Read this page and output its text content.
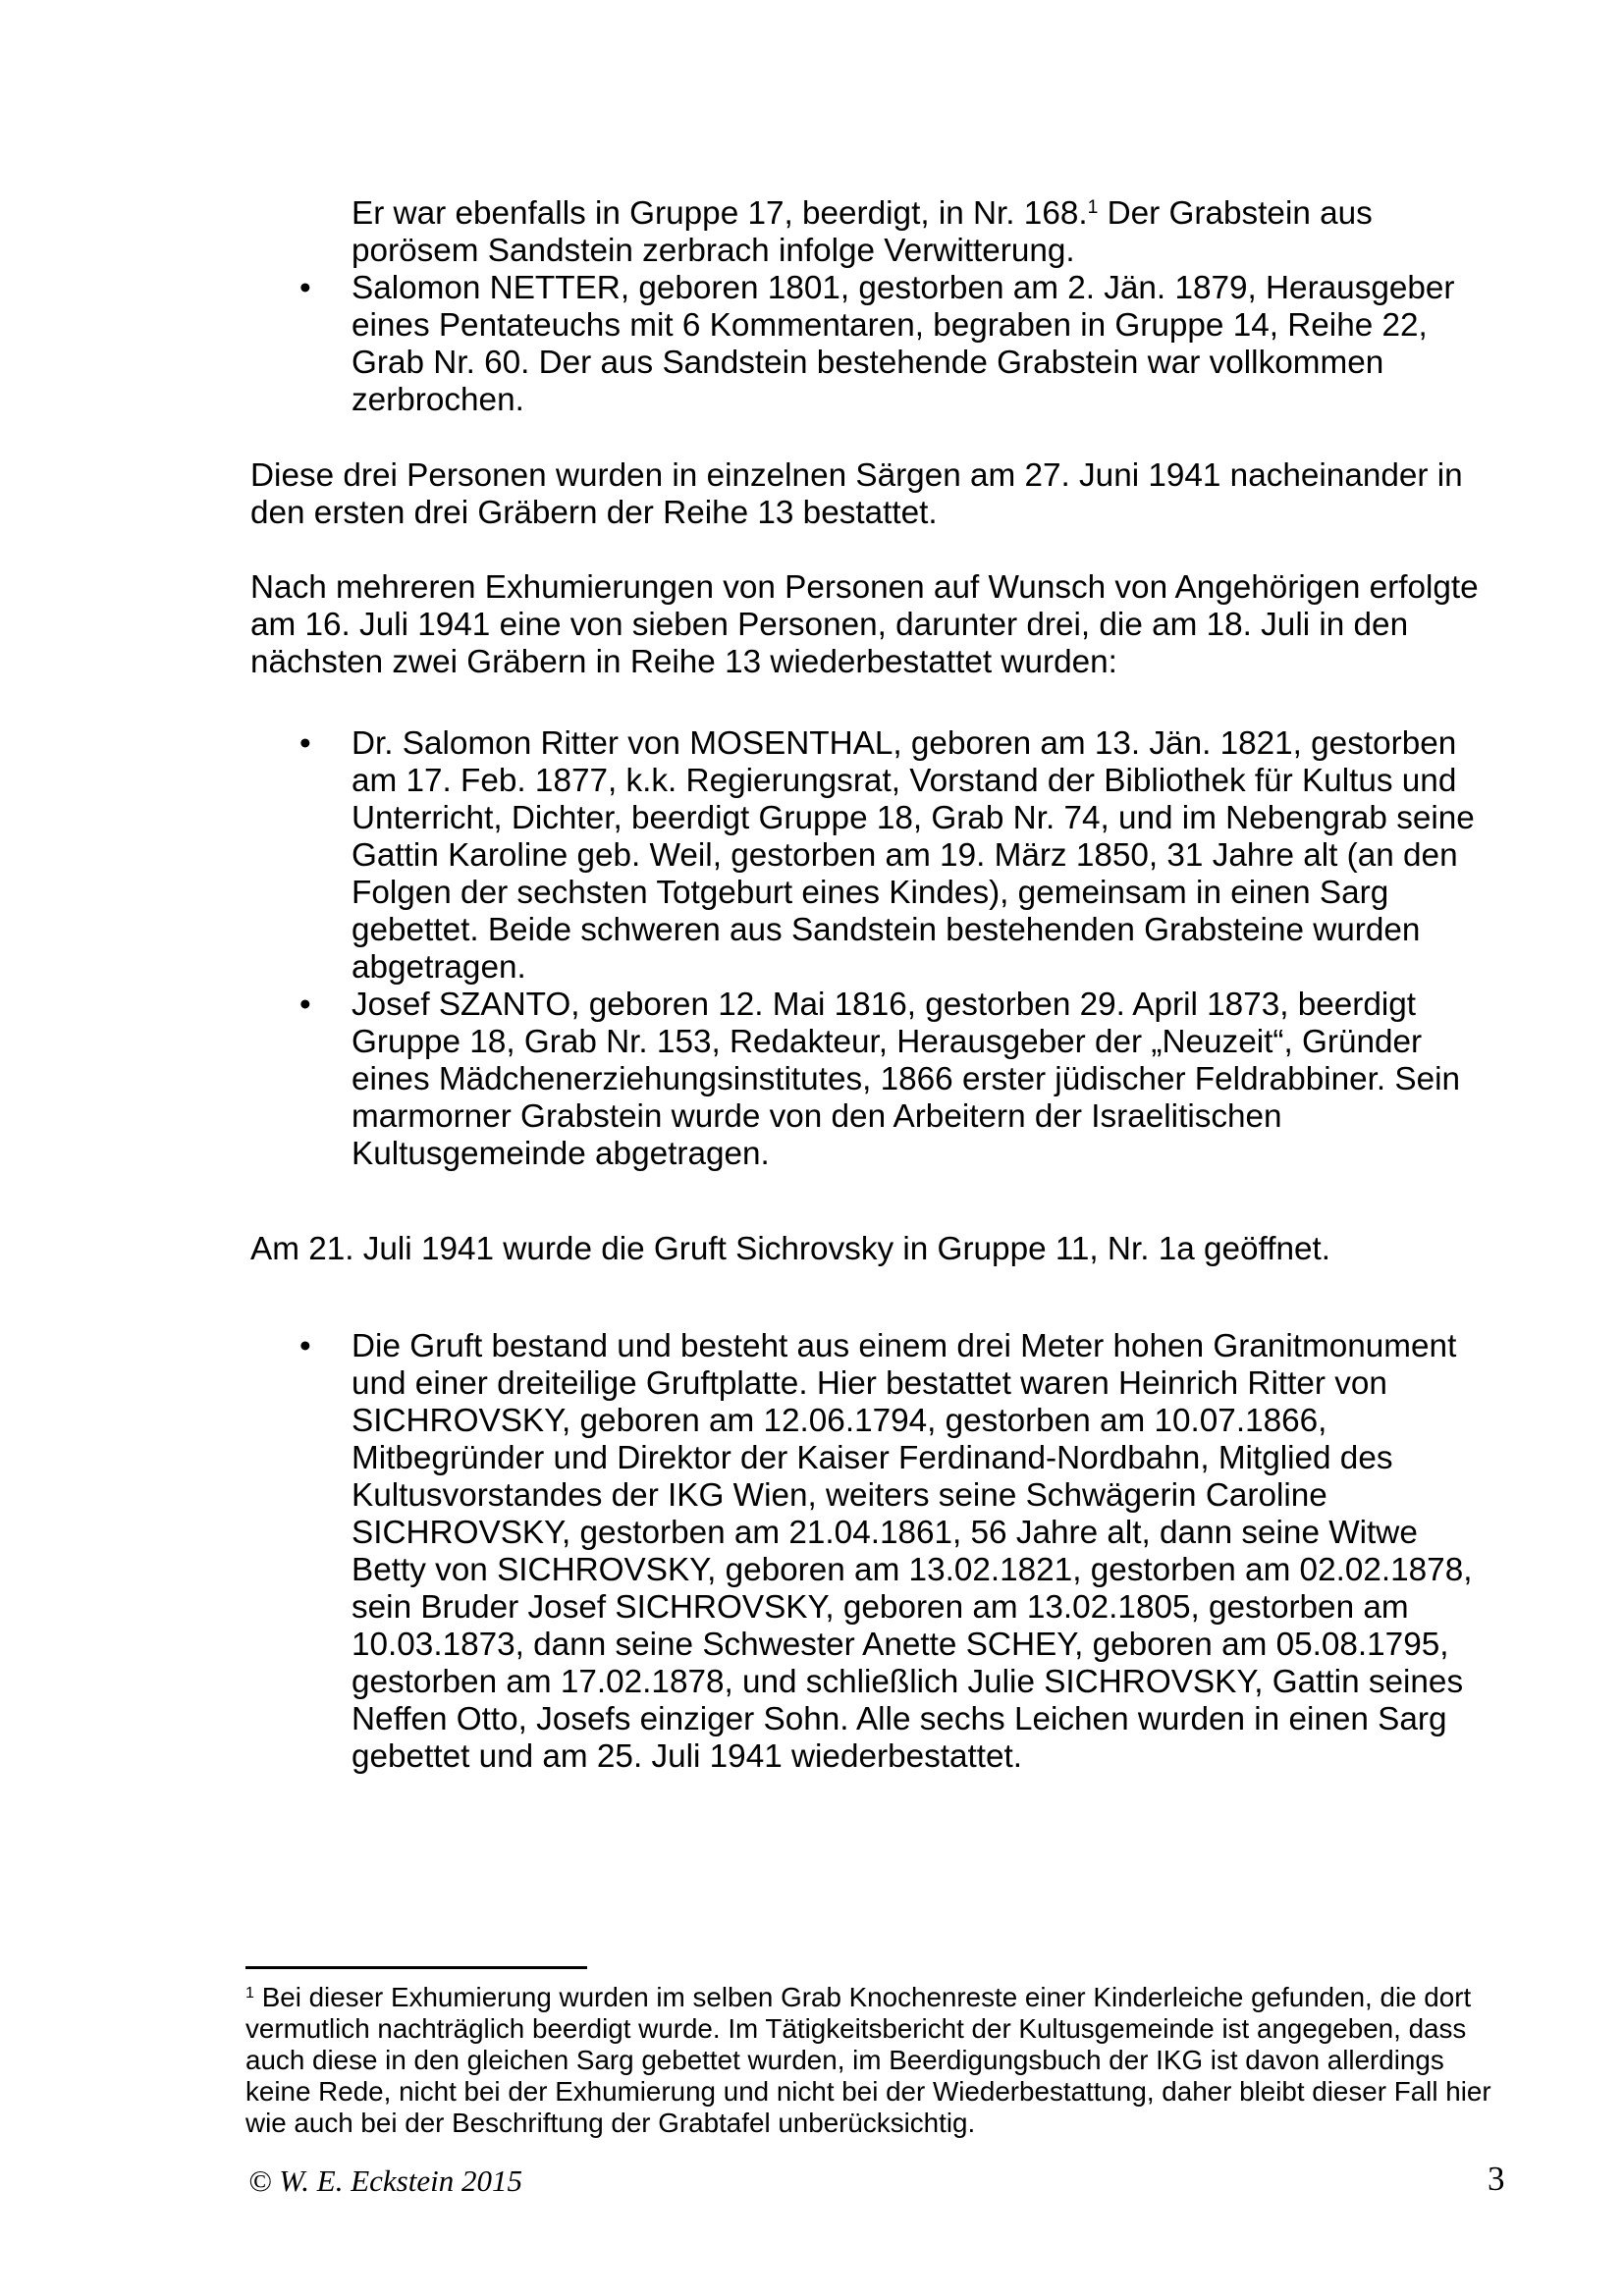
Er war ebenfalls in Gruppe 17, beerdigt, in Nr. 168.$^1$ Der Grabstein aus porösem Sandstein zerbrach infolge Verwitterung.

•	Salomon NETTER, geboren 1801, gestorben am 2. Jän. 1879, Herausgeber eines Pentateuchs mit 6 Kommentaren, begraben in Gruppe 14, Reihe 22, Grab Nr. 60. Der aus Sandstein bestehende Grabstein war vollkommen zerbrochen.

Diese drei Personen wurden in einzelnen Särgen am 27. Juni 1941 nacheinander in den ersten drei Gräbern der Reihe 13 bestattet.

Nach mehreren Exhumierungen von Personen auf Wunsch von Angehörigen erfolgte am 16. Juli 1941 eine von sieben Personen, darunter drei, die am 18. Juli in den nächsten zwei Gräbern in Reihe 13 wiederbestattet wurden:

•	Dr. Salomon Ritter von MOSENTHAL, geboren am 13. Jän. 1821, gestorben am 17. Feb. 1877, k.k. Regierungsrat, Vorstand der Bibliothek für Kultus und Unterricht, Dichter, beerdigt Gruppe 18, Grab Nr. 74, und im Nebengrab seine Gattin Karoline geb. Weil, gestorben am 19. März 1850, 31 Jahre alt (an den Folgen der sechsten Totgeburt eines Kindes), gemeinsam in einen Sarg gebettet. Beide schweren aus Sandstein bestehenden Grabsteine wurden abgetragen.
•	Josef SZANTO, geboren 12. Mai 1816, gestorben 29. April 1873, beerdigt Gruppe 18, Grab Nr. 153, Redakteur, Herausgeber der „Neuzeit“, Gründer eines Mädchenerziehungsinstitutes, 1866 erster jüdischer Feldrabbiner. Sein marmorner Grabstein wurde von den Arbeitern der Israelitischen Kultusgemeinde abgetragen.

Am 21. Juli 1941 wurde die Gruft Sichrovsky in Gruppe 11, Nr. 1a geöffnet.

•	Die Gruft bestand und besteht aus einem drei Meter hohen Granitmonument und einer dreiteilige Gruftplatte. Hier bestattet waren Heinrich Ritter von SICHROVSKY, geboren am 12.06.1794, gestorben am 10.07.1866, Mitbegründer und Direktor der Kaiser Ferdinand-Nordbahn, Mitglied des Kultusvorstandes der IKG Wien, weiters seine Schwägerin Caroline SICHROVSKY, gestorben am 21.04.1861, 56 Jahre alt, dann seine Witwe Betty von SICHROVSKY, geboren am 13.02.1821, gestorben am 02.02.1878, sein Bruder Josef SICHROVSKY, geboren am 13.02.1805, gestorben am 10.03.1873, dann seine Schwester Anette SCHEY, geboren am 05.08.1795, gestorben am 17.02.1878, und schließlich Julie SICHROVSKY, Gattin seines Neffen Otto, Josefs einziger Sohn. Alle sechs Leichen wurden in einen Sarg gebettet und am 25. Juli 1941 wiederbestattet.

$^1$ Bei dieser Exhumierung wurden im selben Grab Knochenreste einer Kinderleiche gefunden, die dort vermutlich nachträglich beerdigt wurde. Im Tätigkeitsbericht der Kultusgemeinde ist angegeben, dass auch diese in den gleichen Sarg gebettet wurden, im Beerdigungsbuch der IKG ist davon allerdings keine Rede, nicht bei der Exhumierung und nicht bei der Wiederbestattung, daher bleibt dieser Fall hier wie auch bei der Beschriftung der Grabtafel unberücksichtig.

© W. E. Eckstein 2015	3
